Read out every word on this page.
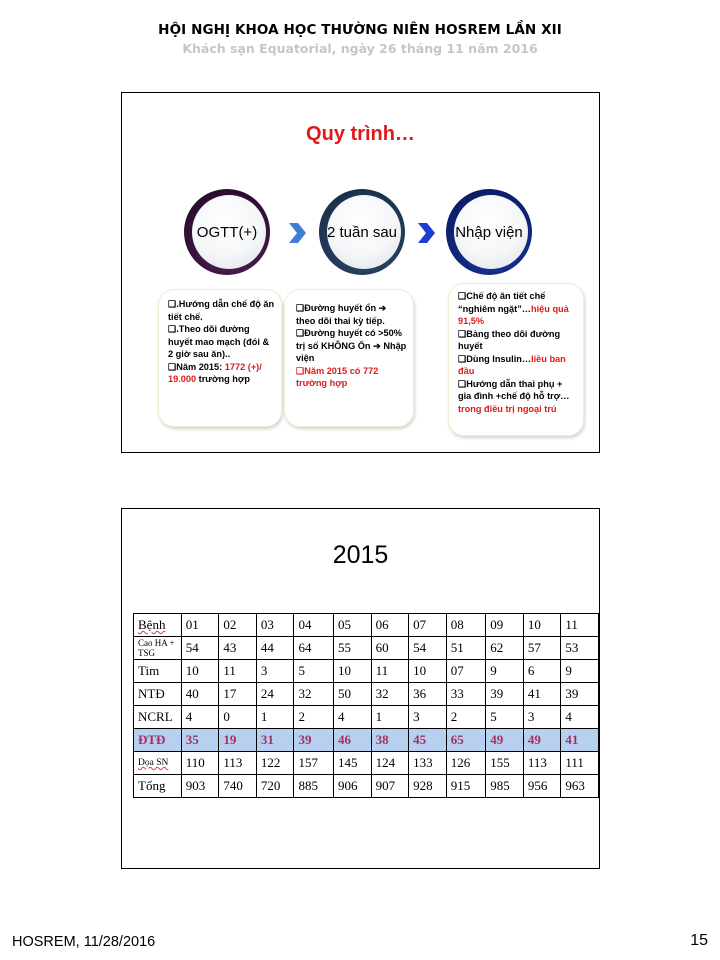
HỘI NGHỊ KHOA HỌC THƯỜNG NIÊN HOSREM LẦN XII
Khách sạn Equatorial, ngày 26 tháng 11 năm 2016
Quy trình…
OGTT(+)	2 tuần sau	Nhập viện

❑.Hướng dẫn chế độ ăn tiết chế.

❑.Theo dõi đường huyết mao mạch (đói & 2 giờ sau ăn)..

❑Năm 2015: 1772 (+)/ 19.000 trường hợp

❑Đường huyết ổn ➔ theo dõi thai kỳ tiếp.

❑Đường huyết có >50% trị số KHÔNG Ổn ➔ Nhập viện

❑Năm 2015 có 772 trường hợp

❑Chế độ ăn tiết chế “nghiêm ngặt”…hiệu quả 91,5%

❑Bảng theo dõi đường huyết

❑Dùng Insulin…liều ban đầu

❑Hướng dẫn thai phụ + gia đình +chế độ hỗ trợ…trong điều trị ngoại trú

2015
Bệnh	01	02	03	04	05	06	07	08	09	10	11
Cao HA + TSG	54	43	44	64	55	60	54	51	62	57	53
Tim	10	11	3	5	10	11	10	07	9	6	9
NTĐ	40	17	24	32	50	32	36	33	39	41	39
NCRL	4	0	1	2	4	1	3	2	5	3	4
ĐTĐ	35	19	31	39	46	38	45	65	49	49	41
Dọa SN	110	113	122	157	145	124	133	126	155	113	111
Tổng	903	740	720	885	906	907	928	915	985	956	963
HOSREM, 11/28/2016	15
